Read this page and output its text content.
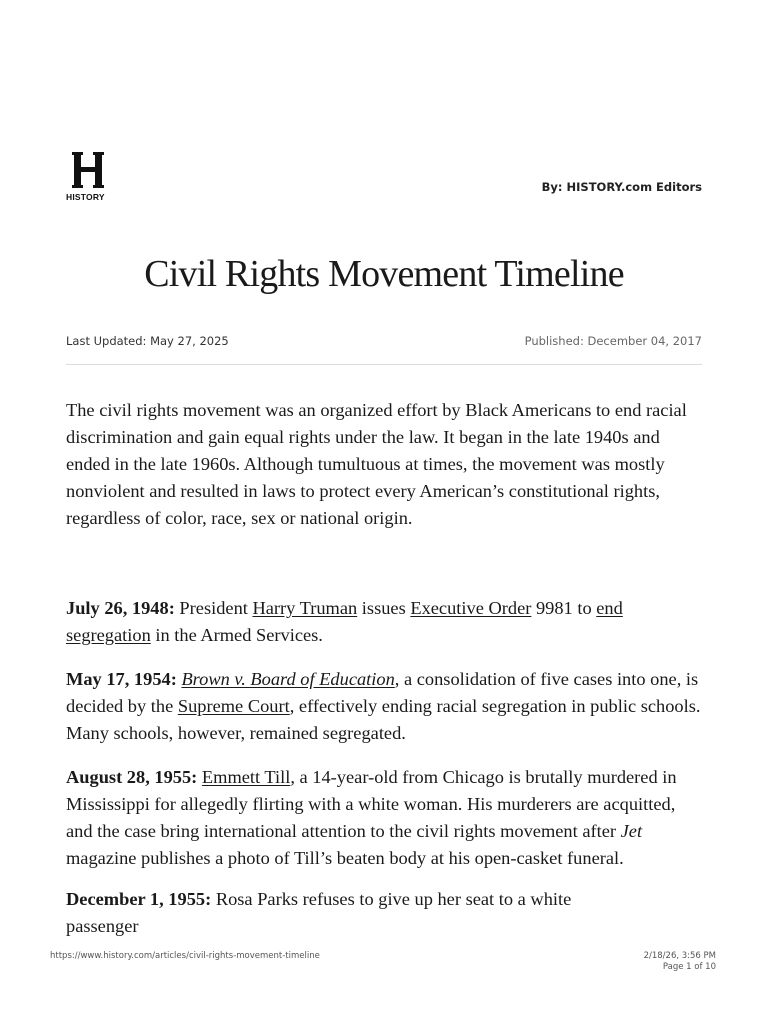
HISTORY
By: HISTORY.com Editors
Civil Rights Movement Timeline
Last Updated: May 27, 2025	Published: December 04, 2017

The civil rights movement was an organized effort by Black Americans to end racial discrimination and gain equal rights under the law. It began in the late 1940s and ended in the late 1960s. Although tumultuous at times, the movement was mostly nonviolent and resulted in laws to protect every American’s constitutional rights, regardless of color, race, sex or national origin.

July 26, 1948: President Harry Truman issues Executive Order 9981 to end segregation in the Armed Services.

May 17, 1954: Brown v. Board of Education, a consolidation of five cases into one, is decided by the Supreme Court, effectively ending racial segregation in public schools. Many schools, however, remained segregated.

August 28, 1955: Emmett Till, a 14-year-old from Chicago is brutally murdered in Mississippi for allegedly flirting with a white woman. His murderers are acquitted, and the case bring international attention to the civil rights movement after Jet magazine publishes a photo of Till’s beaten body at his open-casket funeral.

December 1, 1955: Rosa Parks refuses to give up her seat to a white passenger
https://www.history.com/articles/civil-rights-movement-timeline	2/18/26, 3:56 PM
Page 1 of 10
